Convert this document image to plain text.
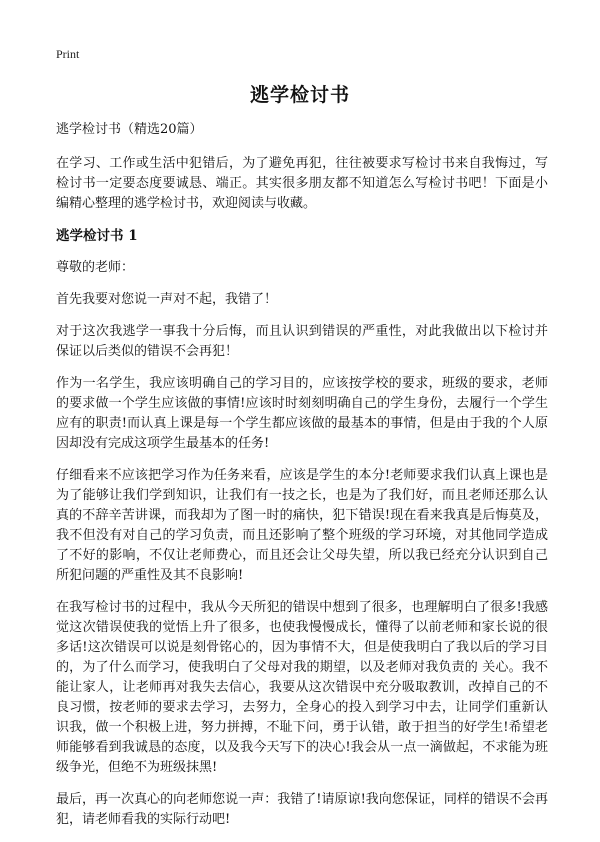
Print
逃学检讨书

逃学检讨书（精选20篇）

在学习、工作或生活中犯错后，为了避免再犯，往往被要求写检讨书来自我悔过，写检讨书一定要态度要诚恳、端正。其实很多朋友都不知道怎么写检讨书吧！下面是小编精心整理的逃学检讨书，欢迎阅读与收藏。

逃学检讨书 1

尊敬的老师：

首先我要对您说一声对不起，我错了！

对于这次我逃学一事我十分后悔，而且认识到错误的严重性，对此我做出以下检讨并保证以后类似的错误不会再犯！

作为一名学生，我应该明确自己的学习目的，应该按学校的要求，班级的要求，老师的要求做一个学生应该做的事情!应该时时刻刻明确自己的学生身份，去履行一个学生应有的职责!而认真上课是每一个学生都应该做的最基本的事情，但是由于我的个人原因却没有完成这项学生最基本的任务!

仔细看来不应该把学习作为任务来看，应该是学生的本分!老师要求我们认真上课也是为了能够让我们学到知识，让我们有一技之长，也是为了我们好，而且老师还那么认真的不辞辛苦讲课，而我却为了图一时的痛快，犯下错误!现在看来我真是后悔莫及，我不但没有对自己的学习负责，而且还影响了整个班级的学习环境，对其他同学造成了不好的影响，不仅让老师费心，而且还会让父母失望，所以我已经充分认识到自己所犯问题的严重性及其不良影响!

在我写检讨书的过程中，我从今天所犯的错误中想到了很多，也理解明白了很多!我感觉这次错误使我的觉悟上升了很多，也使我慢慢成长，懂得了以前老师和家长说的很多话!这次错误可以说是刻骨铭心的，因为事情不大，但是使我明白了我以后的学习目的，为了什么而学习，使我明白了父母对我的期望，以及老师对我负责的 关心。我不能让家人，让老师再对我失去信心，我要从这次错误中充分吸取教训，改掉自己的不良习惯，按老师的要求去学习，去努力，全身心的投入到学习中去，让同学们重新认识我，做一个积极上进，努力拼搏，不耻下问，勇于认错，敢于担当的好学生!希望老师能够看到我诚恳的态度，以及我今天写下的决心!我会从一点一滴做起，不求能为班级争光，但绝不为班级抹黑!

最后，再一次真心的向老师您说一声：我错了!请原谅!我向您保证，同样的错误不会再犯，请老师看我的实际行动吧!
